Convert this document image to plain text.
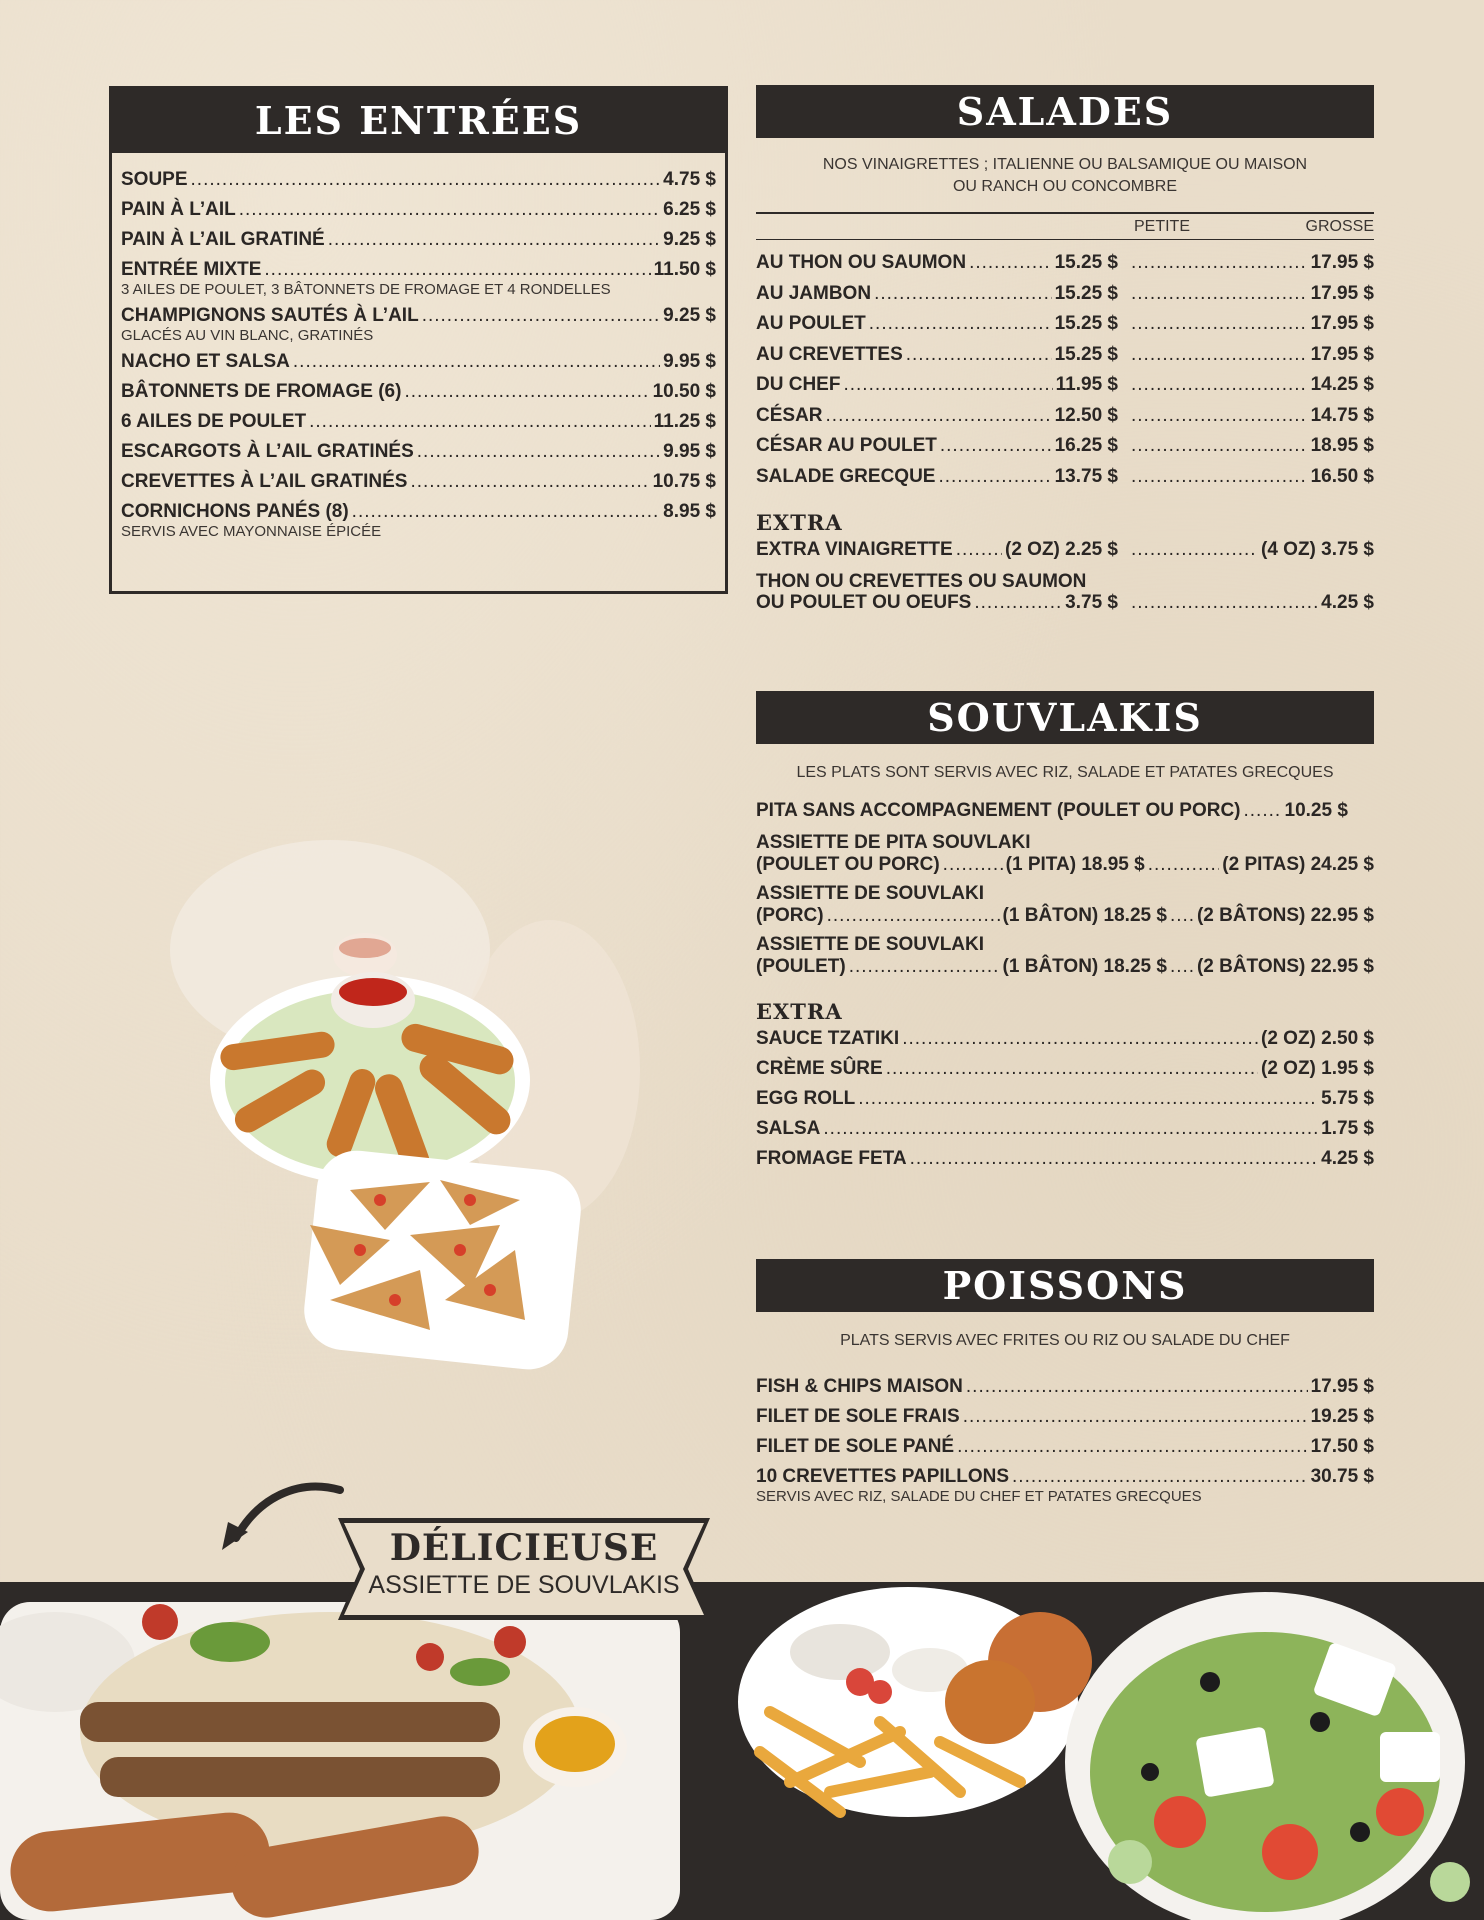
LES ENTRÉES
SOUPE .....	4.75 $
PAIN À L’AIL .....	6.25 $
PAIN À L’AIL GRATINÉ .....	9.25 $
ENTRÉE MIXTE .....	11.50 $
3 AILES DE POULET, 3 BÂTONNETS DE FROMAGE ET 4 RONDELLES
CHAMPIGNONS SAUTÉS À L’AIL .....	9.25 $
GLACÉS AU VIN BLANC, GRATINÉS
NACHO ET SALSA .....	9.95 $
BÂTONNETS DE FROMAGE (6) .....	10.50 $
6 AILES DE POULET .....	11.25 $
ESCARGOTS À L’AIL GRATINÉS .....	9.95 $
CREVETTES À L’AIL GRATINÉS .....	10.75 $
CORNICHONS PANÉS (8) .....	8.95 $
SERVIS AVEC MAYONNAISE ÉPICÉE
SALADES
NOS VINAIGRETTES ; ITALIENNE OU BALSAMIQUE OU MAISON
OU RANCH OU CONCOMBRE
PETITE	GROSSE
AU THON OU SAUMON .....	15.25 $ .....	17.95 $
AU JAMBON .....	15.25 $ .....	17.95 $
AU POULET .....	15.25 $ .....	17.95 $
AU CREVETTES .....	15.25 $ .....	17.95 $
DU CHEF .....	11.95 $ .....	14.25 $
CÉSAR .....	12.50 $ .....	14.75 $
CÉSAR AU POULET .....	16.25 $ .....	18.95 $
SALADE GRECQUE .....	13.75 $ .....	16.50 $
EXTRA
EXTRA VINAIGRETTE .....	(2 OZ) 2.25 $ .....	(4 OZ) 3.75 $
THON OU CREVETTES OU SAUMON
OU POULET OU OEUFS .....	3.75 $ .....	4.25 $
SOUVLAKIS
LES PLATS SONT SERVIS AVEC RIZ, SALADE ET PATATES GRECQUES
PITA SANS ACCOMPAGNEMENT (POULET OU PORC) ..... 10.25 $
ASSIETTE DE PITA SOUVLAKI
(POULET OU PORC) .....	(1 PITA) 18.95 $ .....	(2 PITAS) 24.25 $
ASSIETTE DE SOUVLAKI
(PORC) .....	(1 BÂTON) 18.25 $ ..... (2 BÂTONS) 22.95 $
ASSIETTE DE SOUVLAKI
(POULET) .....	(1 BÂTON) 18.25 $ ..... (2 BÂTONS) 22.95 $
EXTRA
SAUCE TZATIKI .....	(2 OZ) 2.50 $
CRÈME SÛRE .....	(2 OZ) 1.95 $
EGG ROLL .....	5.75 $
SALSA .....	1.75 $
FROMAGE FETA .....	4.25 $
POISSONS
PLATS SERVIS AVEC FRITES OU RIZ OU SALADE DU CHEF
FISH & CHIPS MAISON .....	17.95 $
FILET DE SOLE FRAIS .....	19.25 $
FILET DE SOLE PANÉ .....	17.50 $
10 CREVETTES PAPILLONS .....	30.75 $
SERVIS AVEC RIZ, SALADE DU CHEF ET PATATES GRECQUES
DÉLICIEUSE
ASSIETTE DE SOUVLAKIS
